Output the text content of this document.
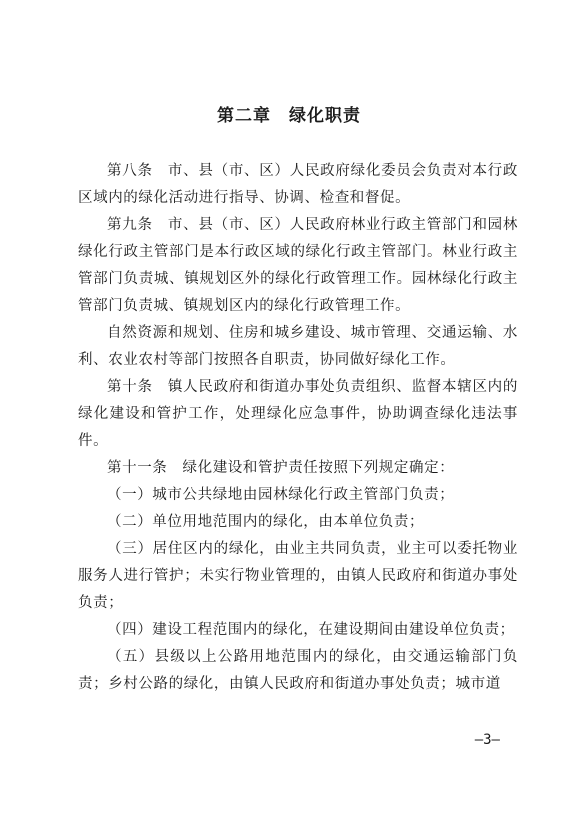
第二章　绿化职责

第八条　市、县（市、区）人民政府绿化委员会负责对本行政区域内的绿化活动进行指导、协调、检查和督促。

第九条　市、县（市、区）人民政府林业行政主管部门和园林绿化行政主管部门是本行政区域的绿化行政主管部门。林业行政主管部门负责城、镇规划区外的绿化行政管理工作。园林绿化行政主管部门负责城、镇规划区内的绿化行政管理工作。

自然资源和规划、住房和城乡建设、城市管理、交通运输、水利、农业农村等部门按照各自职责，协同做好绿化工作。

第十条　镇人民政府和街道办事处负责组织、监督本辖区内的绿化建设和管护工作，处理绿化应急事件，协助调查绿化违法事件。

第十一条　绿化建设和管护责任按照下列规定确定：

（一）城市公共绿地由园林绿化行政主管部门负责；

（二）单位用地范围内的绿化，由本单位负责；

（三）居住区内的绿化，由业主共同负责，业主可以委托物业服务人进行管护；未实行物业管理的，由镇人民政府和街道办事处负责；

（四）建设工程范围内的绿化，在建设期间由建设单位负责；

（五）县级以上公路用地范围内的绿化，由交通运输部门负责；乡村公路的绿化，由镇人民政府和街道办事处负责；城市道

—3—
